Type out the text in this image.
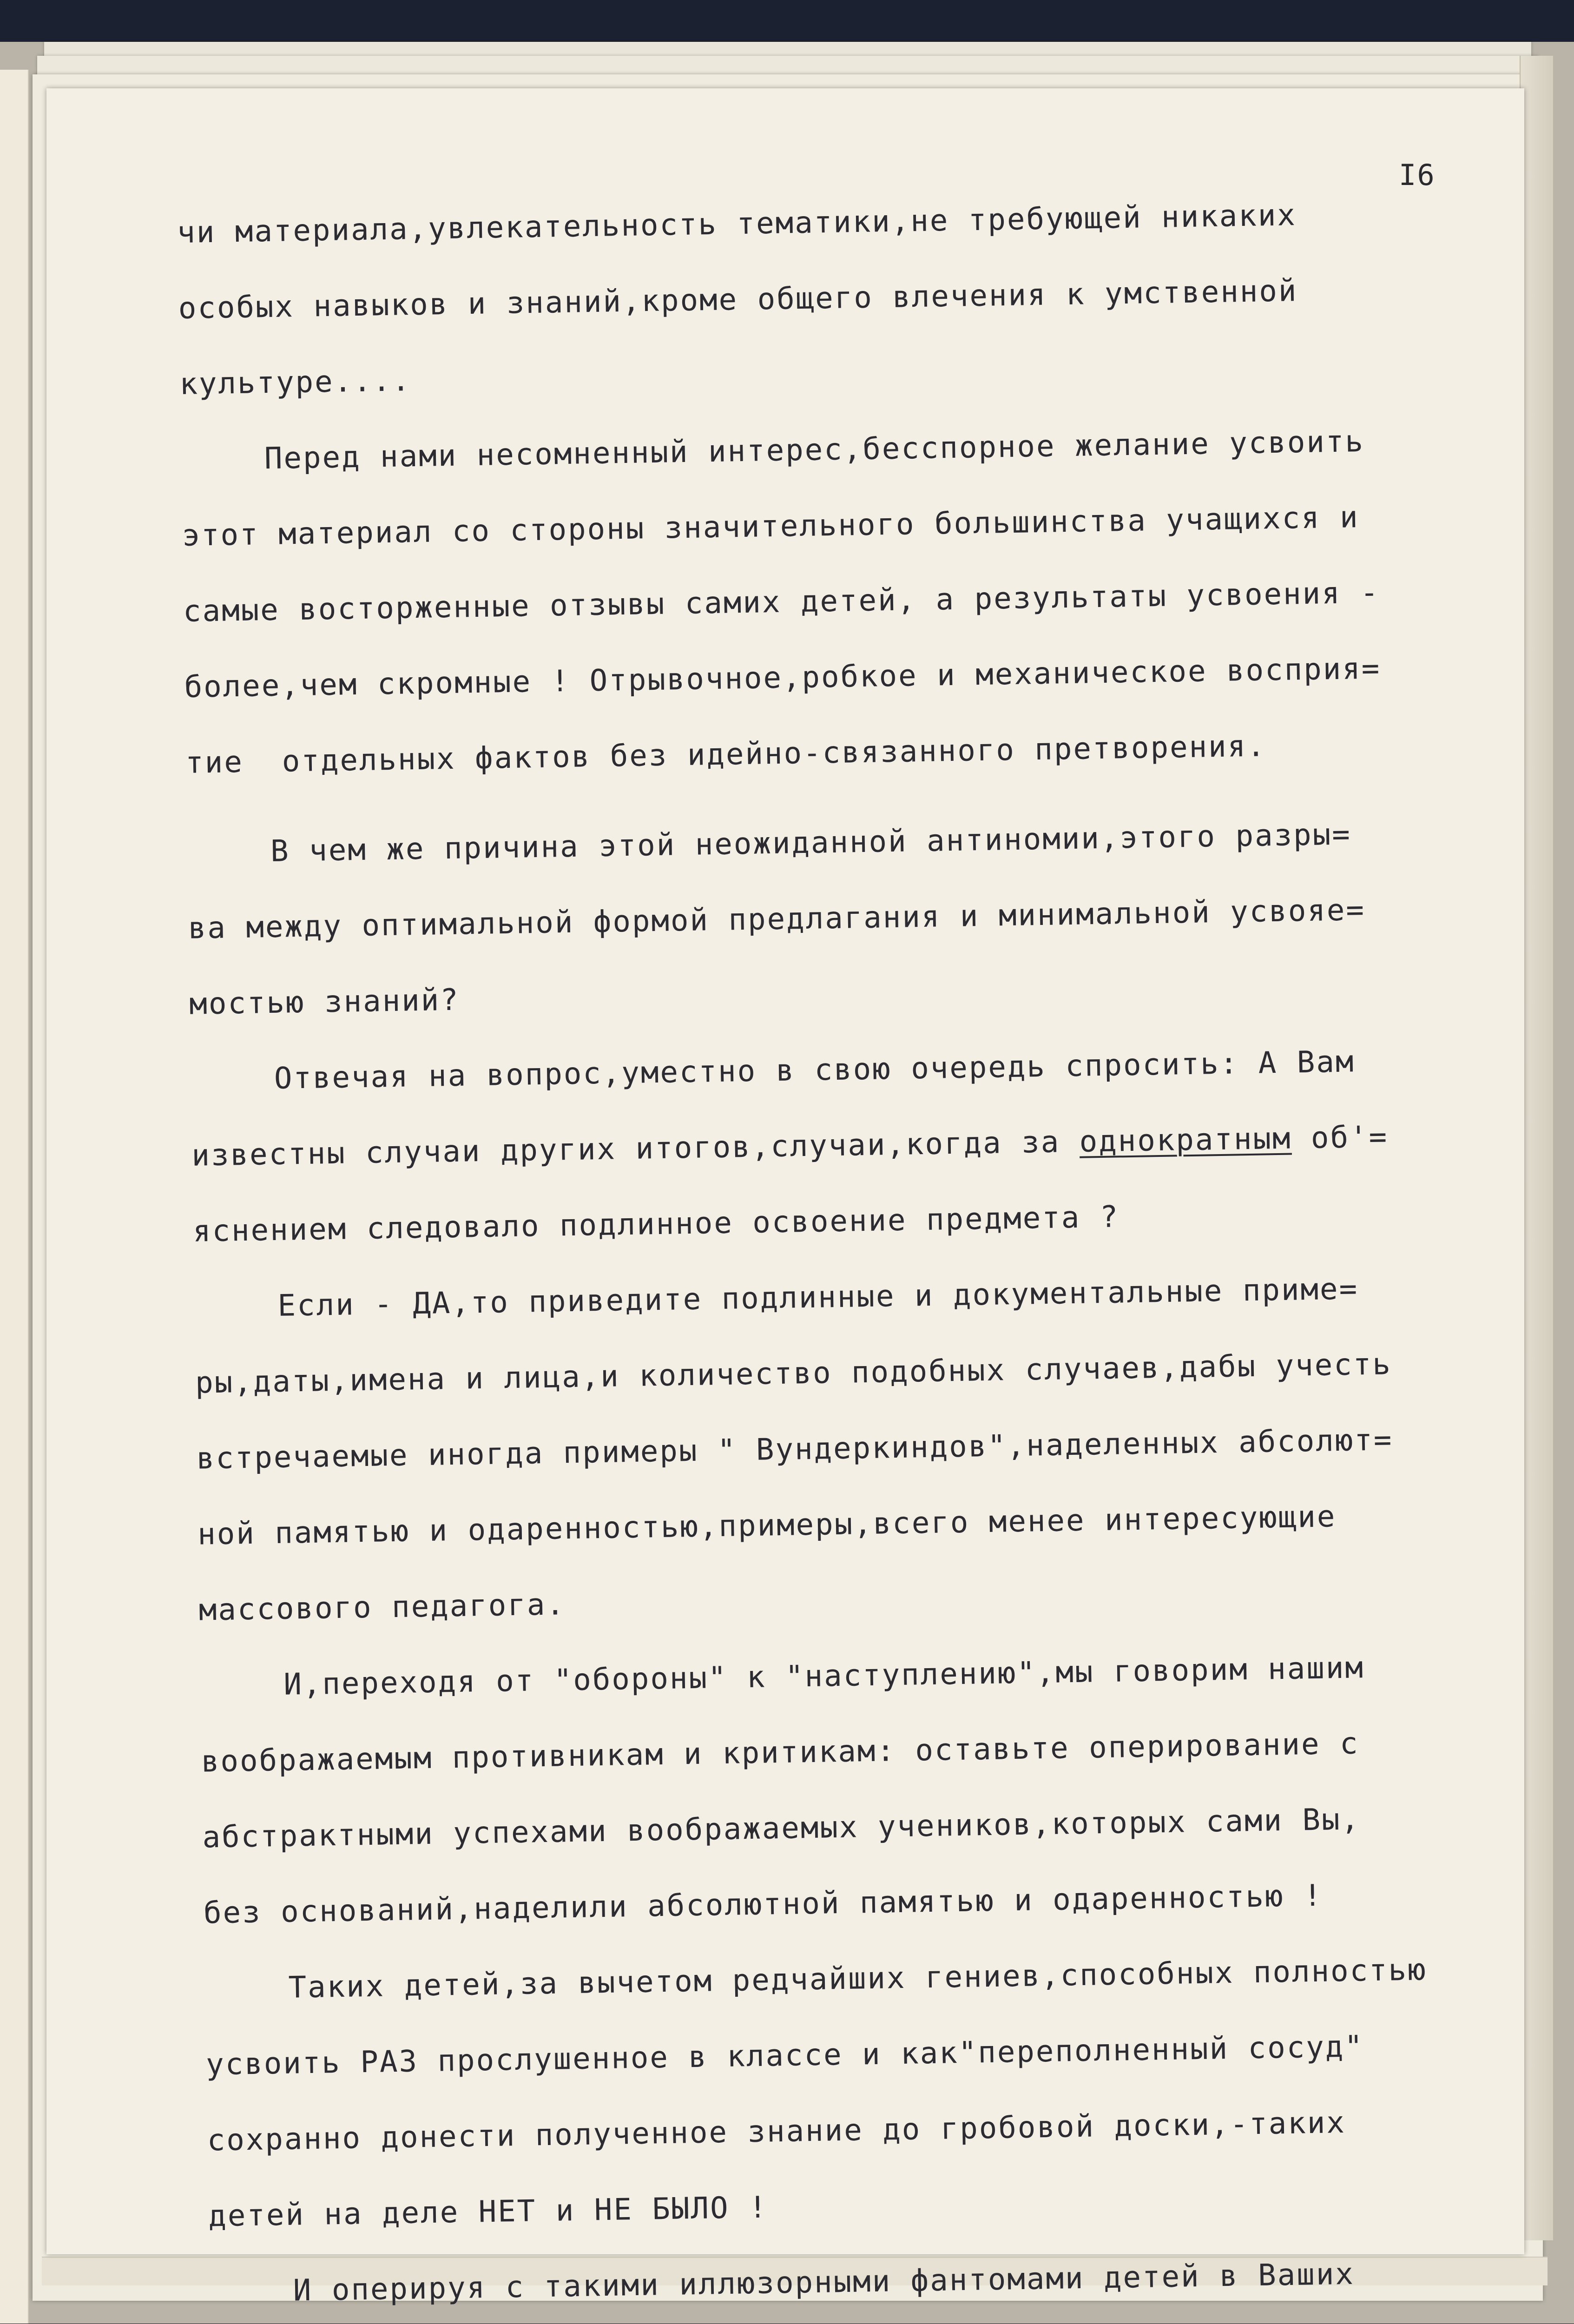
I6
чи материала,увлекательность тематики,не требующей никаких
особых навыков и знаний,кроме общего влечения к умственной
культуре....
Перед нами несомненный интерес,бесспорное желание усвоить
этот материал со стороны значительного большинства учащихся и
самые восторженные отзывы самих детей, а результаты усвоения -
более,чем скромные ! Отрывочное,робкое и механическое восприя=
тие  отдельных фактов без идейно-связанного претворения.
В чем же причина этой неожиданной антиномии,этого разры=
ва между оптимальной формой предлагания и минимальной усвояе=
мостью знаний?
Отвечая на вопрос,уместно в свою очередь спросить: А Вам
известны случаи других итогов,случаи,когда за однократным об'=
яснением следовало подлинное освоение предмета ?
Если - ДА,то приведите подлинные и документальные приме=
ры,даты,имена и лица,и количество подобных случаев,дабы учесть
встречаемые иногда примеры " Вундеркиндов",наделенных абсолют=
ной памятью и одаренностью,примеры,всего менее интересующие
массового педагога.
И,переходя от "обороны" к "наступлению",мы говорим нашим
воображаемым противникам и критикам: оставьте оперирование с
абстрактными успехами воображаемых учеников,которых сами Вы,
без оснований,наделили абсолютной памятью и одаренностью !
Таких детей,за вычетом редчайших гениев,способных полностью
усвоить РАЗ прослушенное в классе и как"переполненный сосуд"
сохранно донести полученное знание до гробовой доски,-таких
детей на деле НЕТ и НЕ БЫЛО !
И оперируя с такими иллюзорными фантомами детей в Ваших
